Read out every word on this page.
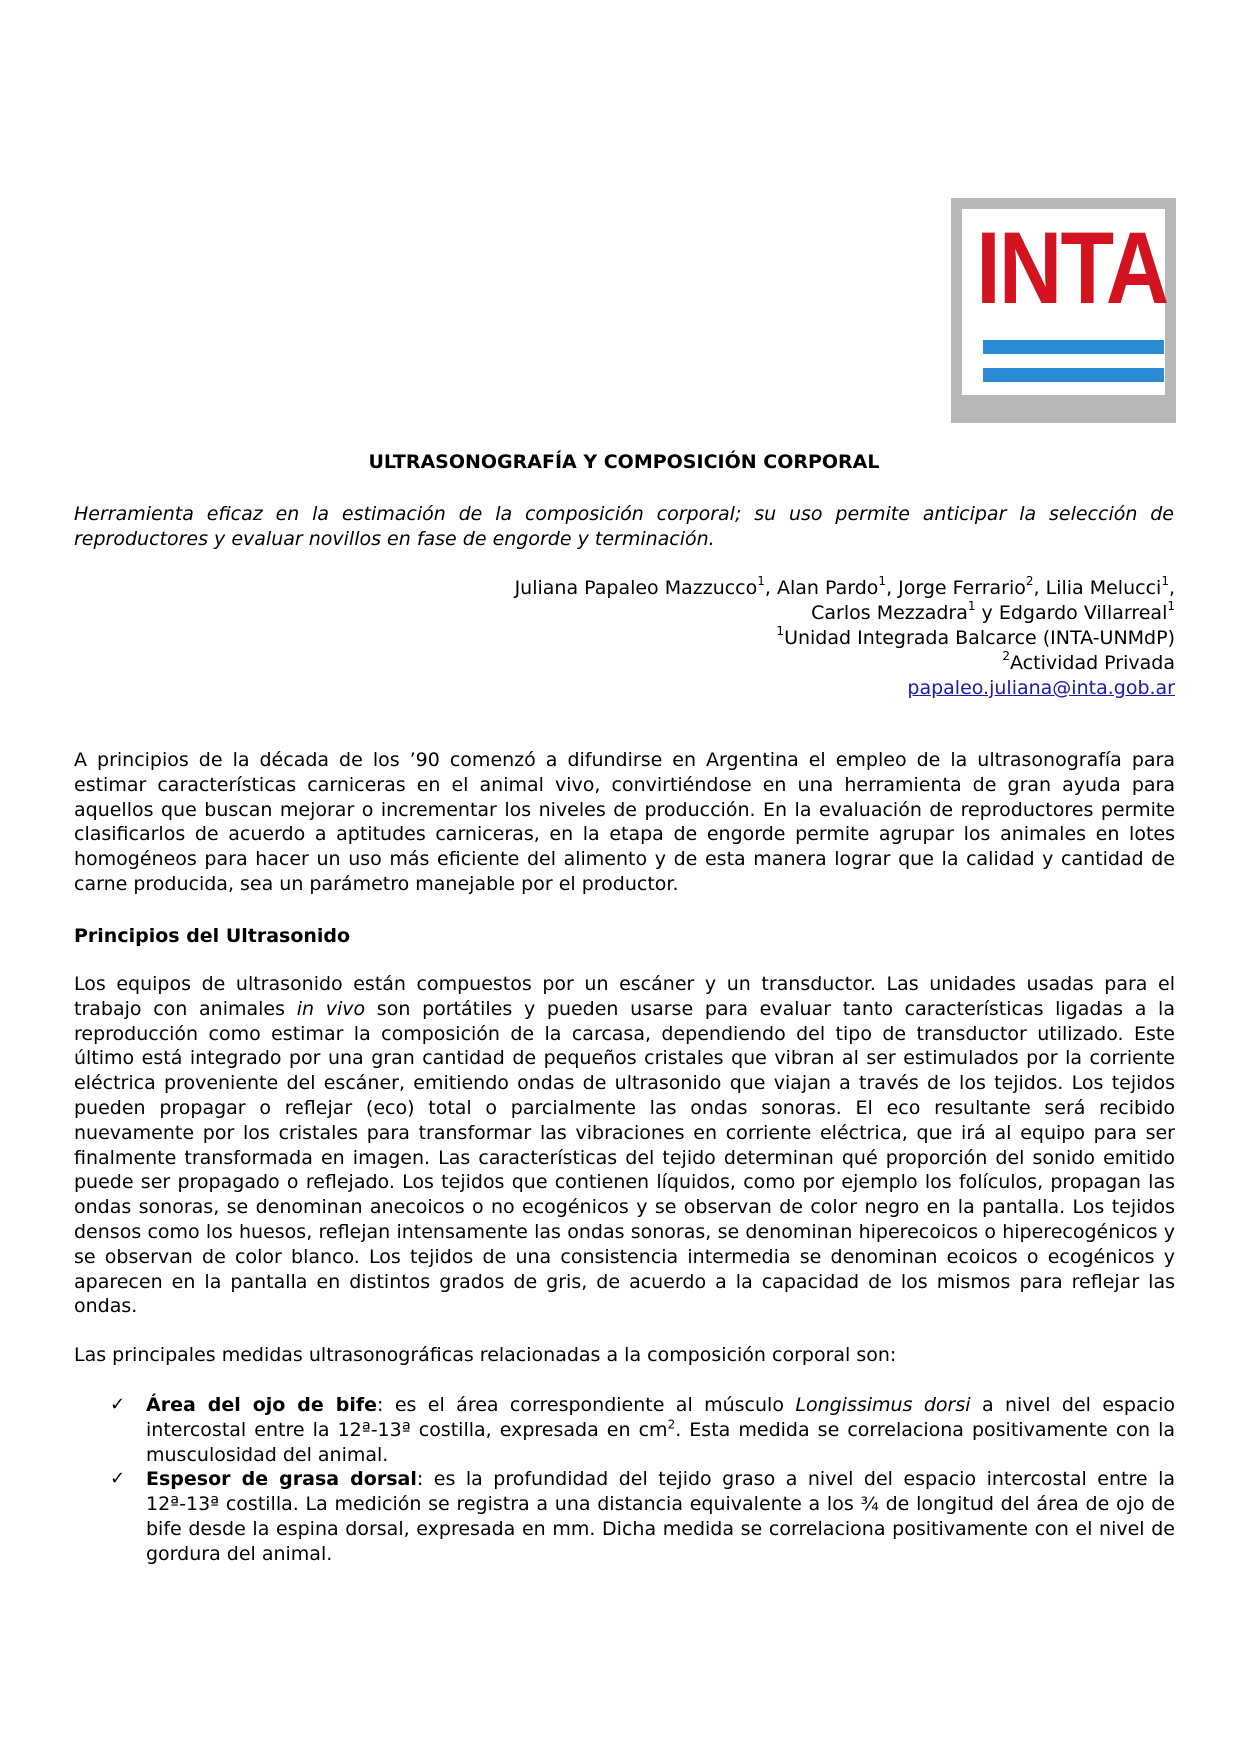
INTA
ULTRASONOGRAFÍA Y COMPOSICIÓN CORPORAL
Herramienta eficaz en la estimación de la composición corporal; su uso permite anticipar la selección de reproductores y evaluar novillos en fase de engorde y terminación.
Juliana Papaleo Mazzucco$^1$, Alan Pardo$^1$, Jorge Ferrario$^2$, Lilia Melucci$^1$,
Carlos Mezzadra$^1$ y Edgardo Villarreal$^1$
$^1$Unidad Integrada Balcarce (INTA-UNMdP)
$^2$Actividad Privada
papaleo.juliana@inta.gob.ar

A principios de la década de los ’90 comenzó a difundirse en Argentina el empleo de la ultrasonografía para estimar características carniceras en el animal vivo, convirtiéndose en una herramienta de gran ayuda para aquellos que buscan mejorar o incrementar los niveles de producción. En la evaluación de reproductores permite clasificarlos de acuerdo a aptitudes carniceras, en la etapa de engorde permite agrupar los animales en lotes homogéneos para hacer un uso más eficiente del alimento y de esta manera lograr que la calidad y cantidad de carne producida, sea un parámetro manejable por el productor.

Principios del Ultrasonido

Los equipos de ultrasonido están compuestos por un escáner y un transductor. Las unidades usadas para el trabajo con animales in vivo son portátiles y pueden usarse para evaluar tanto características ligadas a la reproducción como estimar la composición de la carcasa, dependiendo del tipo de transductor utilizado. Este último está integrado por una gran cantidad de pequeños cristales que vibran al ser estimulados por la corriente eléctrica proveniente del escáner, emitiendo ondas de ultrasonido que viajan a través de los tejidos. Los tejidos pueden propagar o reflejar (eco) total o parcialmente las ondas sonoras. El eco resultante será recibido nuevamente por los cristales para transformar las vibraciones en corriente eléctrica, que irá al equipo para ser finalmente transformada en imagen. Las características del tejido determinan qué proporción del sonido emitido puede ser propagado o reflejado. Los tejidos que contienen líquidos, como por ejemplo los folículos, propagan las ondas sonoras, se denominan anecoicos o no ecogénicos y se observan de color negro en la pantalla. Los tejidos densos como los huesos, reflejan intensamente las ondas sonoras, se denominan hiperecoicos o hiperecogénicos y se observan de color blanco. Los tejidos de una consistencia intermedia se denominan ecoicos o ecogénicos y aparecen en la pantalla en distintos grados de gris, de acuerdo a la capacidad de los mismos para reflejar las ondas.

Las principales medidas ultrasonográficas relacionadas a la composición corporal son:

✓ Área del ojo de bife: es el área correspondiente al músculo Longissimus dorsi a nivel del espacio intercostal entre la 12ª-13ª costilla, expresada en $cm^2$. Esta medida se correlaciona positivamente con la musculosidad del animal.
✓ Espesor de grasa dorsal: es la profundidad del tejido graso a nivel del espacio intercostal entre la 12ª-13ª costilla. La medición se registra a una distancia equivalente a los ¾ de longitud del área de ojo de bife desde la espina dorsal, expresada en mm. Dicha medida se correlaciona positivamente con el nivel de gordura del animal.
